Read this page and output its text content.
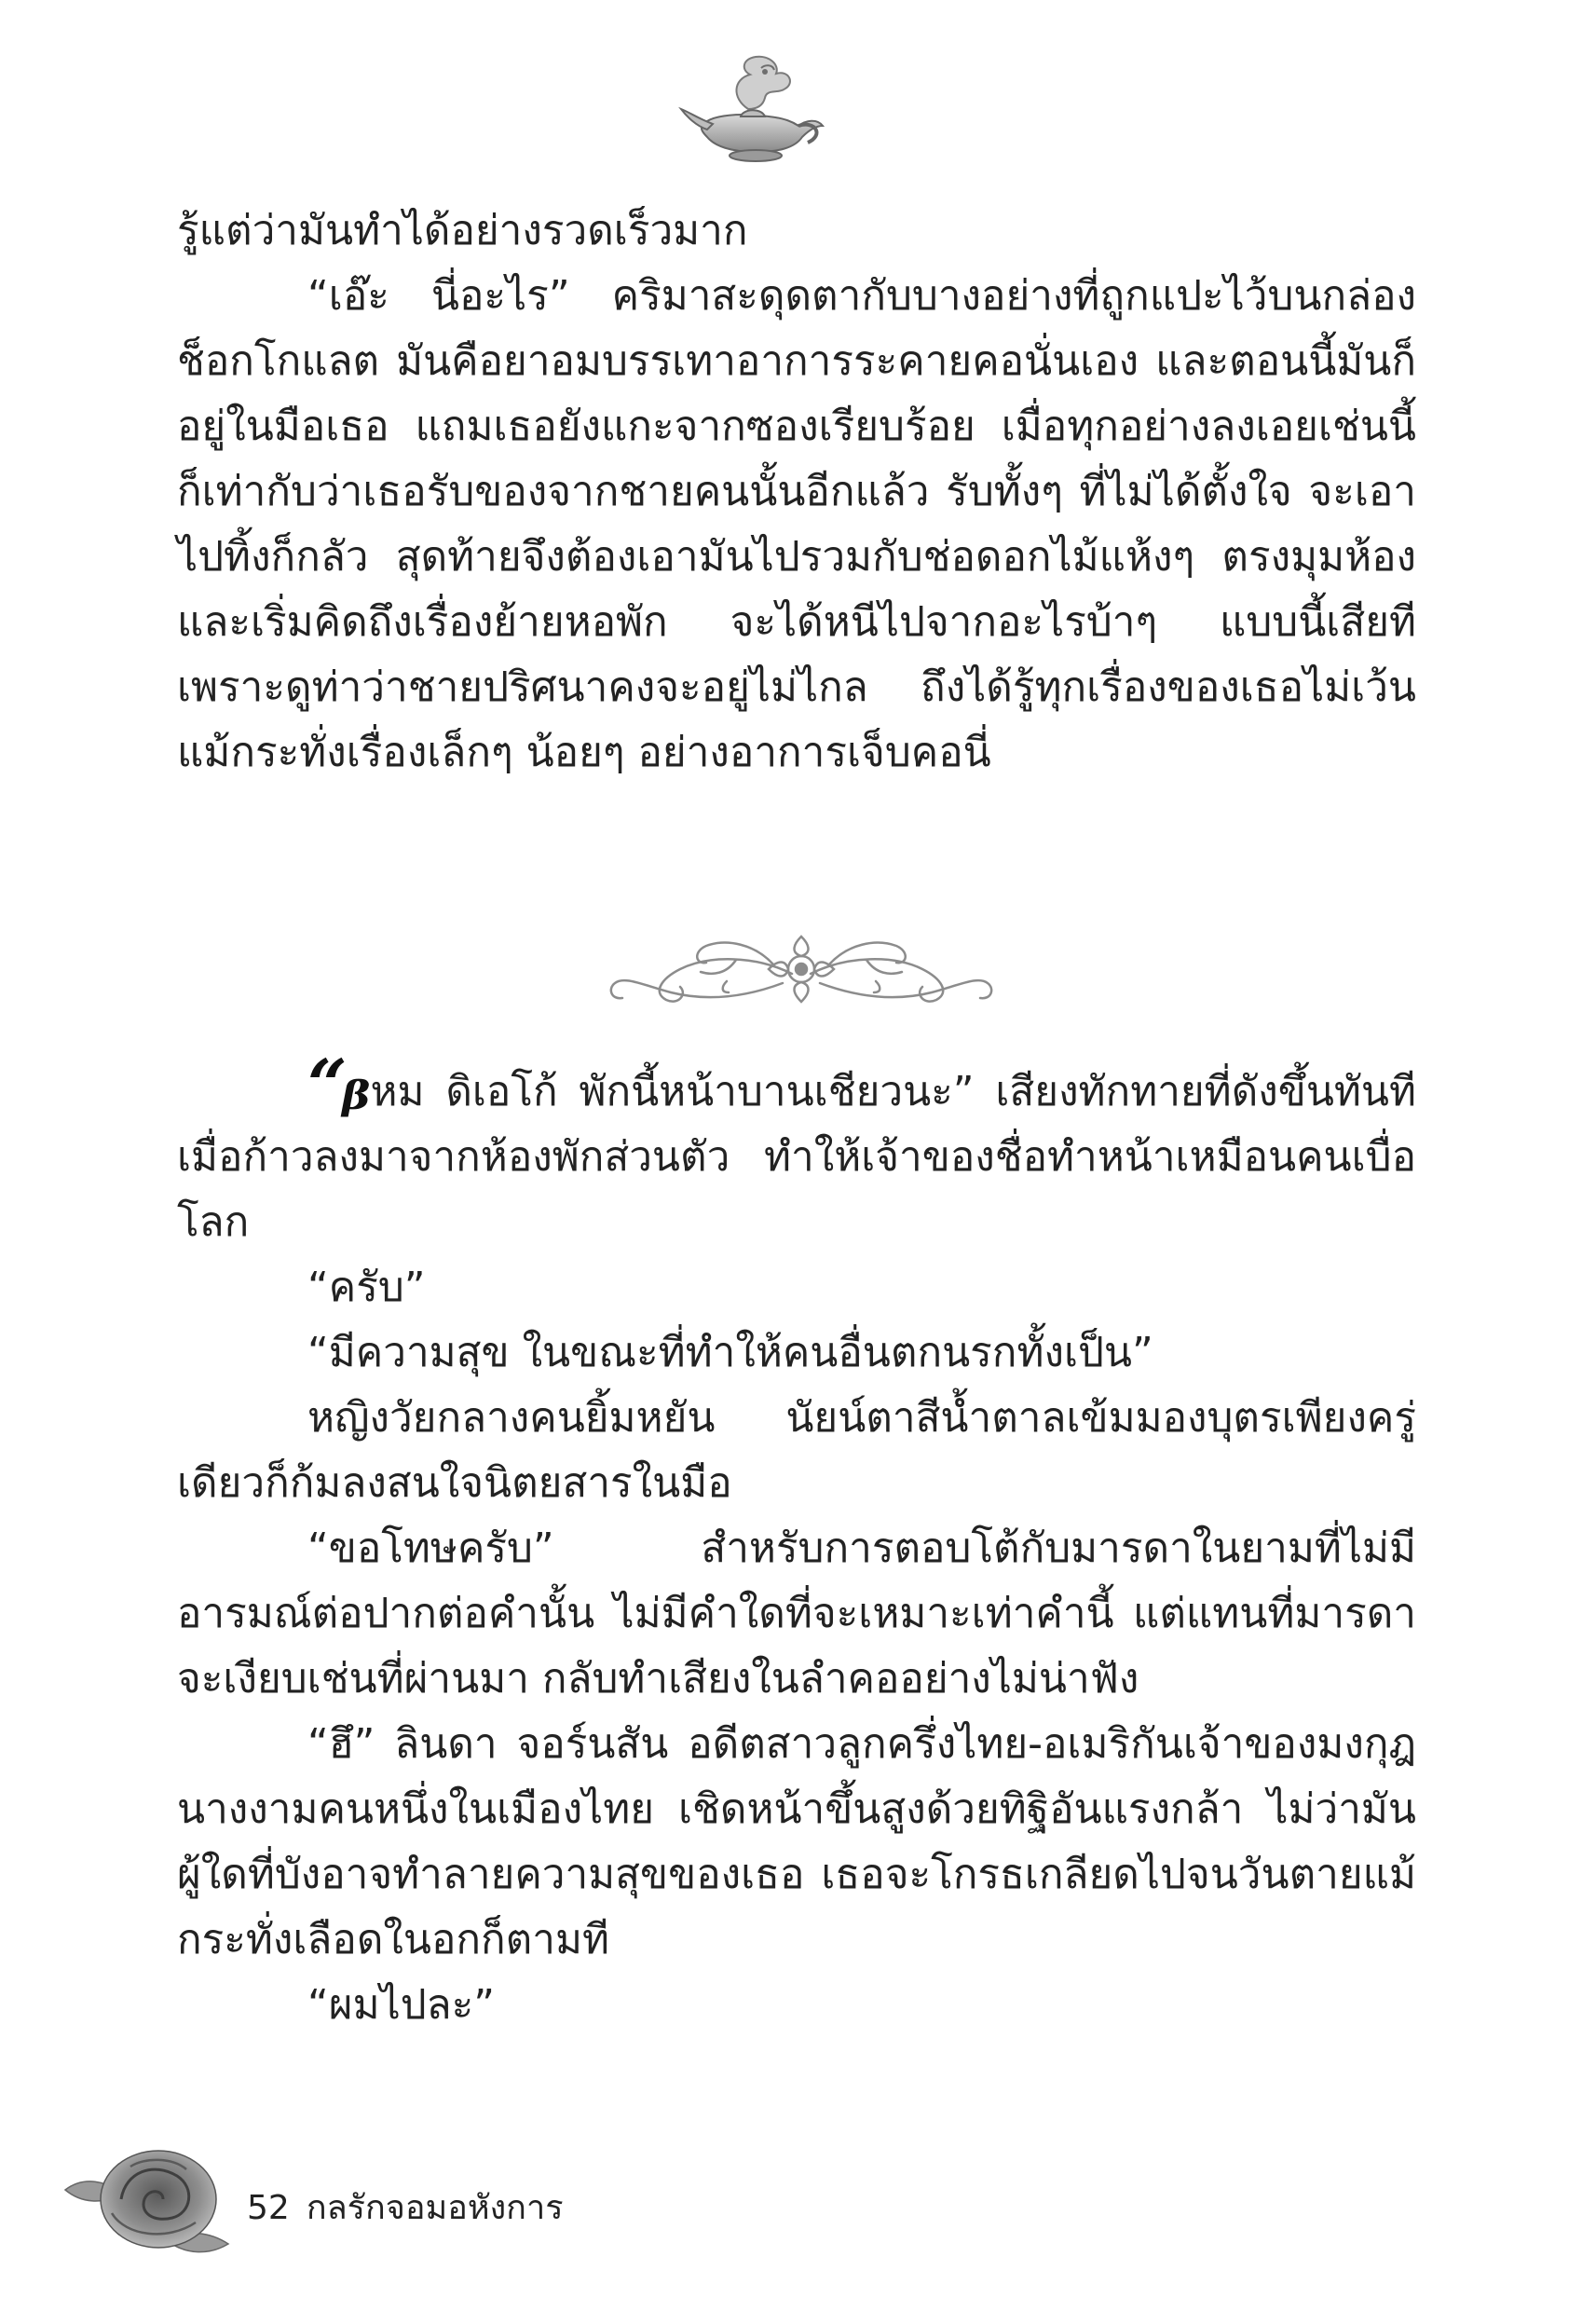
รู้แต่ว่ามันทำได้อย่างรวดเร็วมาก

“เอ๊ะ นี่อะไร” คริมาสะดุดตากับบางอย่างที่ถูกแปะไว้บนกล่องช็อกโกแลต มันคือยาอมบรรเทาอาการระคายคอนั่นเอง และตอนนี้มันก็อยู่ในมือเธอ แถมเธอยังแกะจากซองเรียบร้อย เมื่อทุกอย่างลงเอยเช่นนี้ ก็เท่ากับว่าเธอรับของจากชายคนนั้นอีกแล้ว รับทั้งๆ ที่ไม่ได้ตั้งใจ จะเอาไปทิ้งก็กลัว สุดท้ายจึงต้องเอามันไปรวมกับช่อดอกไม้แห้งๆ ตรงมุมห้อง และเริ่มคิดถึงเรื่องย้ายหอพัก จะได้หนีไปจากอะไรบ้าๆ แบบนี้เสียที เพราะดูท่าว่าชายปริศนาคงจะอยู่ไม่ไกล ถึงได้รู้ทุกเรื่องของเธอไม่เว้นแม้กระทั่งเรื่องเล็กๆ น้อยๆ อย่างอาการเจ็บคอนี่

“ᵦหม ดิเอโก้ พักนี้หน้าบานเชียวนะ” เสียงทักทายที่ดังขึ้นทันทีเมื่อก้าวลงมาจากห้องพักส่วนตัว ทำให้เจ้าของชื่อทำหน้าเหมือนคนเบื่อโลก

“ครับ”

“มีความสุข ในขณะที่ทำให้คนอื่นตกนรกทั้งเป็น”

หญิงวัยกลางคนยิ้มหยัน นัยน์ตาสีน้ำตาลเข้มมองบุตรเพียงครู่เดียวก็ก้มลงสนใจนิตยสารในมือ

“ขอโทษครับ” สำหรับการตอบโต้กับมารดาในยามที่ไม่มีอารมณ์ต่อปากต่อคำนั้น ไม่มีคำใดที่จะเหมาะเท่าคำนี้ แต่แทนที่มารดาจะเงียบเช่นที่ผ่านมา กลับทำเสียงในลำคออย่างไม่น่าฟัง

“ฮึ” ลินดา จอร์นสัน อดีตสาวลูกครึ่งไทย-อเมริกันเจ้าของมงกุฎนางงามคนหนึ่งในเมืองไทย เชิดหน้าขึ้นสูงด้วยทิฐิอันแรงกล้า ไม่ว่ามันผู้ใดที่บังอาจทำลายความสุขของเธอ เธอจะโกรธเกลียดไปจนวันตายแม้กระทั่งเลือดในอกก็ตามที

“ผมไปละ”

52 กลรักจอมอหังการ
